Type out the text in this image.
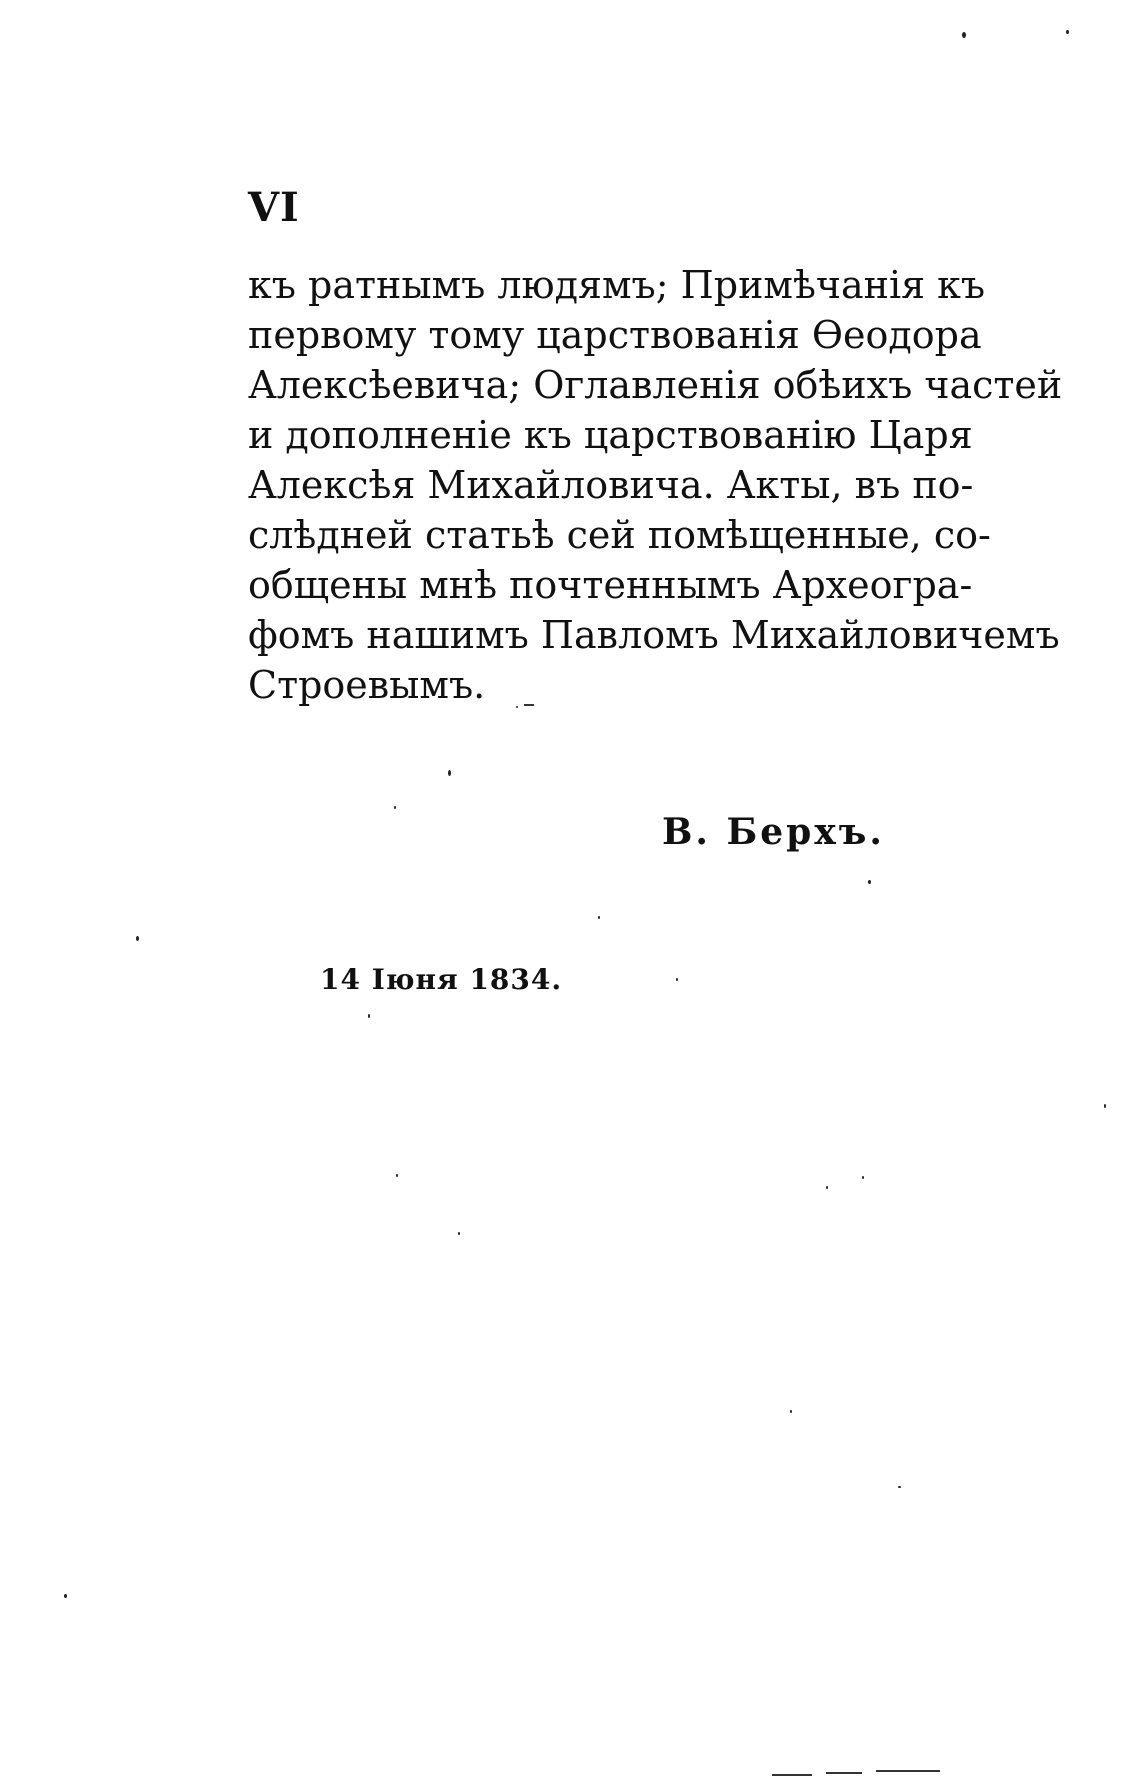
VI
къ ратнымъ людямъ; Примѣчанія къ
первому тому царствованія Өеодора
Алексѣевича; Оглавленія обѣихъ частей
и дополненіе къ царствованію Царя
Алексѣя Михайловича. Акты, въ по-
слѣдней статьѣ сей помѣщенные, со-
общены мнѣ почтеннымъ Археогра-
фомъ нашимъ Павломъ Михайловичемъ
Строевымъ.
В. Берхъ.
14 Іюня 1834.
